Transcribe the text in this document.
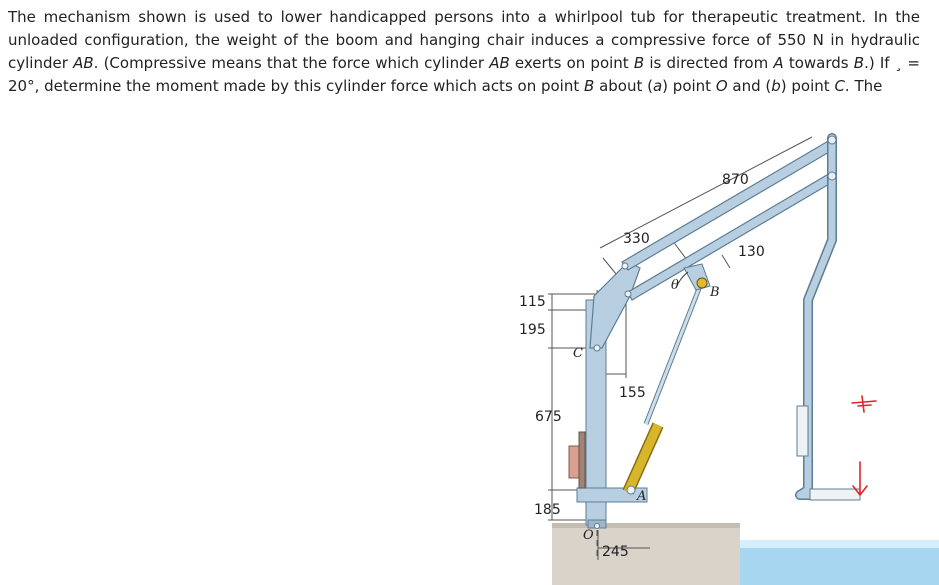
The mechanism shown is used to lower handicapped persons into a whirlpool tub for therapeutic treatment. In the unloaded configuration, the weight of the boom and hanging chair induces a compressive force of 550 N in hydraulic cylinder AB. (Compressive means that the force which cylinder AB exerts on point B is directed from A towards B.) If ¸ = 20°, determine the moment made by this cylinder force which acts on point B about (a) point O and (b) point C. The
870
330
130
115
195
155
675
185
245
θ B
A
C
O
